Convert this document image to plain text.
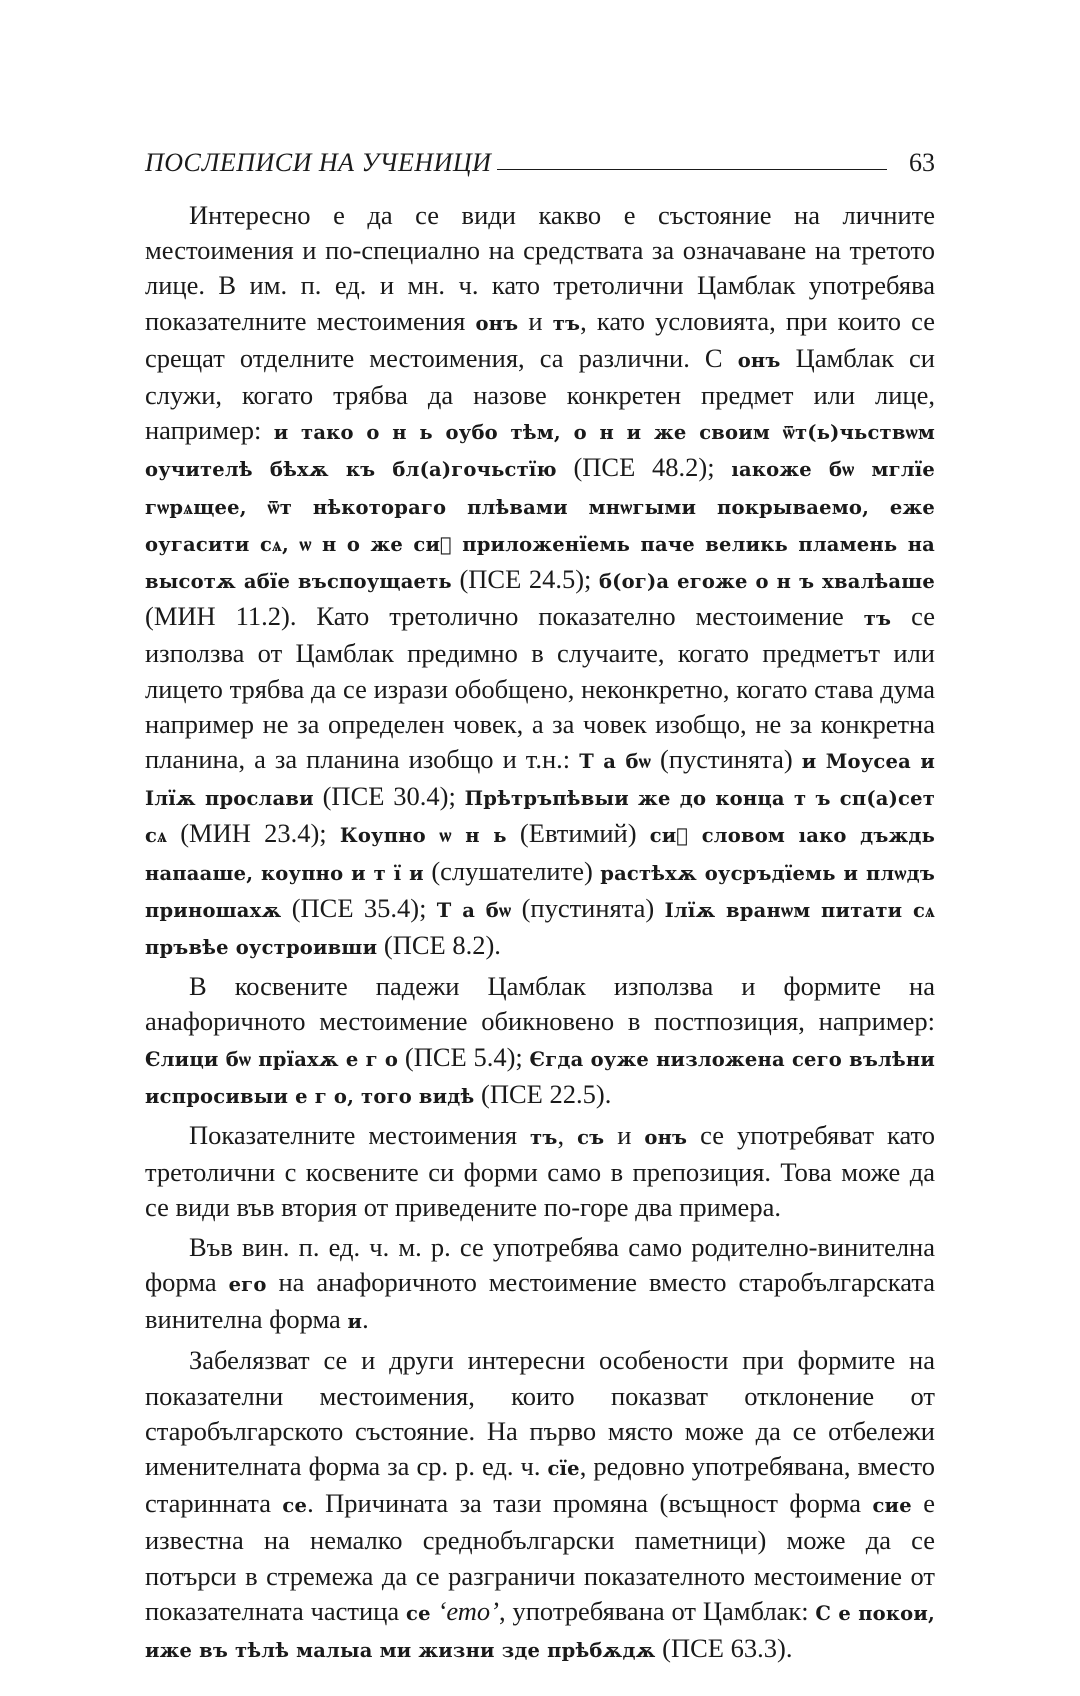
ПОСЛЕПИСИ НА УЧЕНИЦИ	63

Интересно е да се види какво е състояние на личните местоимения и по-специално на средствата за означаване на третото лице. В им. п. ед. и мн. ч. като третолични Цамблак употребява показателните местоимения онъ и тъ, като условията, при които се срещат отделните местоимения, са различни. С онъ Цамблак си служи, когато трябва да назове конкретен предмет или лице, например: и тако о н ь оубо тѣм, о н и же своим ѿт(ь)чьствѡм оучителѣ бѣхѫ къ бл(а)гочьстїю (ПСЕ 48.2); ıакоже бѡ мглїе гѡрѧщее, ѿт нѣкотораго плѣвами мнѡгыми покрываемо, еже оугасити сѧ, ѡ н о же сиⷯ приложенїемь паче великь пламень на высотѫ абїе въспоущаеть (ПСЕ 24.5); б(ог)а егоже о н ъ хвалѣаше (МИН 11.2). Като третолично показателно местоимение тъ се използва от Цамблак предимно в случаите, когато предметът или лицето трябва да се изрази обобщено, неконкретно, когато става дума например не за определен човек, а за човек изобщо, не за конкретна планина, а за планина изобщо и т.н.: Т а бѡ (пустинята) и Моусеа и Ілїѫ прослави (ПСЕ 30.4); Прѣтръпѣвыи же до конца т ъ сп(а)сет сѧ (МИН 23.4); Коупно ѡ н ь (Евтимий) сиⷯ словом ıако дъждь напааше, коупно и т ї и (слушателите) растѣхѫ оусръдїемь и плѡдъ приношахѫ (ПСЕ 35.4); Т а бѡ (пустинята) Ілїѫ вранѡм питати сѧ пръвѣе оустроивши (ПСЕ 8.2).

В косвените падежи Цамблак използва и формите на анафоричното местоимение обикновено в постпозиция, например: Єлици бѡ прїахѫ е г о (ПСЕ 5.4); Єгда оуже низложена сего вълѣни испросивыи е г о, того видѣ (ПСЕ 22.5).

Показателните местоимения тъ, съ и онъ се употребяват като третолични с косвените си форми само в препозиция. Това може да се види във втория от приведените по-горе два примера.

Във вин. п. ед. ч. м. р. се употребява само родително-винителна форма его на анафоричното местоимение вместо старобългарската винителна форма и.

Забелязват се и други интересни особености при формите на показателни местоимения, които показват отклонение от старобългарското състояние. На първо място може да се отбележи именителната форма за ср. р. ед. ч. сїе, редовно употребявана, вместо старинната се. Причината за тази промяна (всъщност форма сие е известна на немалко среднобългарски паметници) може да се потърси в стремежа да се разграничи показателното местоимение от показателната частица се ‘ето’, употребявана от Цамблак: С е покои, иже въ тѣлѣ малыа ми жизни зде прѣбѫдѫ (ПСЕ 63.3).
